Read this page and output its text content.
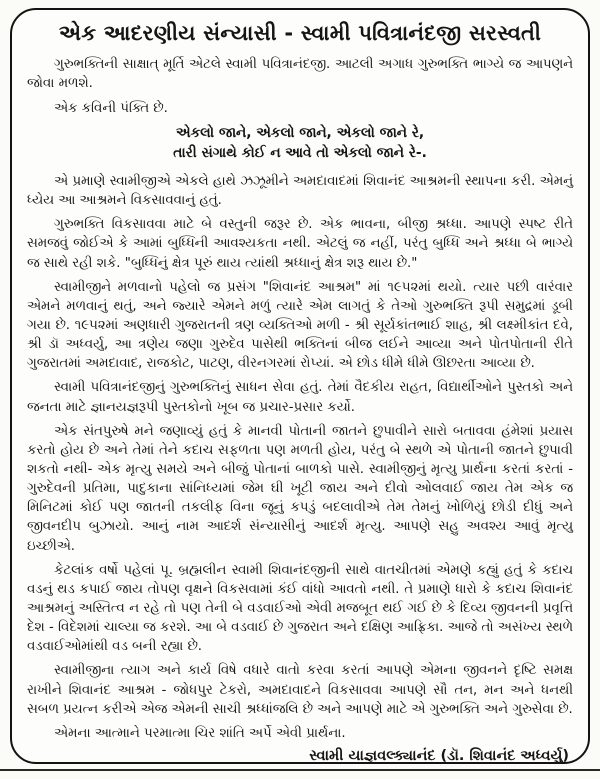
એક આદરણીય સંન્યાસી - સ્વામી પવિત્રાનંદજી સરસ્વતી

ગુરુભક્તિની સાક્ષાત્ મૂર્તિ એટલે સ્વામી પવિત્રાનંદજી. આટલી અગાધ ગુરુભક્તિ ભાગ્યે જ આપણને જોવા મળશે.

એક કવિની પંક્તિ છે.

એકલો જાને, એકલો જાને, એકલો જાને રે,
તારી સંગાથે કોઈ ન આવે તો એકલો જાને રે-.

એ પ્રમાણે સ્વામીજીએ એકલે હાથે ઝઝૂમીને અમદાવાદમાં શિવાનંદ આશ્રમની સ્થાપના કરી. એમનું ધ્યેય આ આશ્રમને વિકસાવવાનું હતું.

ગુરુભક્તિ વિકસાવવા માટે બે વસ્તુની જરૂર છે. એક ભાવના, બીજી શ્રધ્ધા. આપણે સ્પષ્ટ રીતે સમજવું જોઈએ કે આમાં બુધ્ધિની આવશ્યકતા નથી. એટલું જ નહીં, પરંતુ બુધ્ધિ અને શ્રધ્ધા બે ભાગ્યે જ સાથે રહી શકે. "બુધ્ધિનું ક્ષેત્ર પૂરું થાય ત્યાંથી શ્રધ્ધાનું ક્ષેત્ર શરૂ થાય છે."

સ્વામીજીને મળવાનો પહેલો જ પ્રસંગ "શિવાનંદ આશ્રમ" માં ૧૯૫૨માં થયો. ત્યાર પછી વારંવાર એમને મળવાનું થતું, અને જ્યારે એમને મળું ત્યારે એમ લાગતું કે તેઓ ગુરુભક્તિ રૂપી સમુદ્રમાં ડૂબી ગયા છે. ૧૯૫૨માં અણધારી ગુજરાતની ત્રણ વ્યક્તિઓ મળી - શ્રી સૂર્યકાંતભાઈ શાહ, શ્રી લક્ષ્મીકાંત દવે, શ્રી ડૉ અધ્વર્યુ, આ ત્રણેય જણા ગુરુદેવ પાસેથી ભક્તિનાં બીજ લઈને આવ્યા અને પોતપોતાની રીતે ગુજરાતમાં અમદાવાદ, રાજકોટ, પાટણ, વીરનગરમાં રોપ્યાં. એ છોડ ધીમે ધીમે ઊછરતા આવ્યા છે.

સ્વામી પવિત્રાનંદજીનું ગુરુભક્તિનું સાધન સેવા હતું. તેમાં વૈદકીય રાહત, વિદ્યાર્થીઓને પુસ્તકો અને જનતા માટે જ્ઞાનયજ્ઞરૂપી પુસ્તકોનો ખૂબ જ પ્રચાર-પ્રસાર કર્યો.

એક સંતપુરુષે મને જણાવ્યું હતું કે માનવી પોતાની જાતને છુપાવીને સારો બતાવવા હંમેશાં પ્રયાસ કરતો હોય છે અને તેમાં તેને કદાચ સફળતા પણ મળતી હોય, પરંતુ બે સ્થળે એ પોતાની જાતને છુપાવી શકતો નથી- એક મૃત્યુ સમયે અને બીજું પોતાનાં બાળકો પાસે. સ્વામીજીનું મૃત્યુ પ્રાર્થના કરતાં કરતાં - ગુરુદેવની પ્રતિમા, પાદુકાના સાંનિધ્યમાં જેમ ઘી ખૂટી જાય અને દીવો ઓલવાઈ જાય તેમ એક જ મિનિટમાં કોઈ પણ જાતની તકલીફ વિના જૂનું કપડું બદલાવીએ તેમ તેમનું ખોળિયું છોડી દીધું અને જીવનદીપ બુઝાયો. આનું નામ આદર્શ સંન્યાસીનું આદર્શ મૃત્યુ. આપણે સહુ અવશ્ય આવું મૃત્યુ ઇચ્છીએ.

કેટલાંક વર્ષો પહેલાં પૂ. બ્રહ્મલીન સ્વામી શિવાનંદજીની સાથે વાતચીતમાં એમણે કહ્યું હતું કે કદાચ વડનું થડ કપાઈ જાય તોપણ વૃક્ષને વિકસવામાં કંઈ વાંધો આવતો નથી. તે પ્રમાણે ધારો કે કદાચ શિવાનંદ આશ્રમનું અસ્તિત્વ ન રહે તો પણ તેની બે વડવાઈઓ એવી મજબૂત થઈ ગઈ છે કે દિવ્ય જીવનની પ્રવૃત્તિ દેશ - વિદેશમાં ચાલ્યા જ કરશે. આ બે વડવાઈ છે ગુજરાત અને દક્ષિણ આફ્રિકા. આજે તો અસંખ્ય સ્થળે વડવાઈઓમાંથી વડ બની રહ્યા છે.

સ્વામીજીના ત્યાગ અને કાર્ય વિષે વધારે વાતો કરવા કરતાં આપણે એમના જીવનને દૃષ્ટિ સમક્ષ રાખીને શિવાનંદ આશ્રમ - જોધપુર ટેકરો, અમદાવાદને વિકસાવવા આપણે સૌ તન, મન અને ધનથી સબળ પ્રયત્ન કરીએ એજ એમની સાચી શ્રધ્ધાંજલિ છે અને આપણે માટે એ ગુરુભક્તિ અને ગુરુસેવા છે.

એમના આત્માને પરમાત્મા ચિર શાંતિ અર્પે એવી પ્રાર્થના.

સ્વામી યાજ્ઞવલ્ક્યાનંદ (ડૉ. શિવાનંદ અધ્વર્યુ)
